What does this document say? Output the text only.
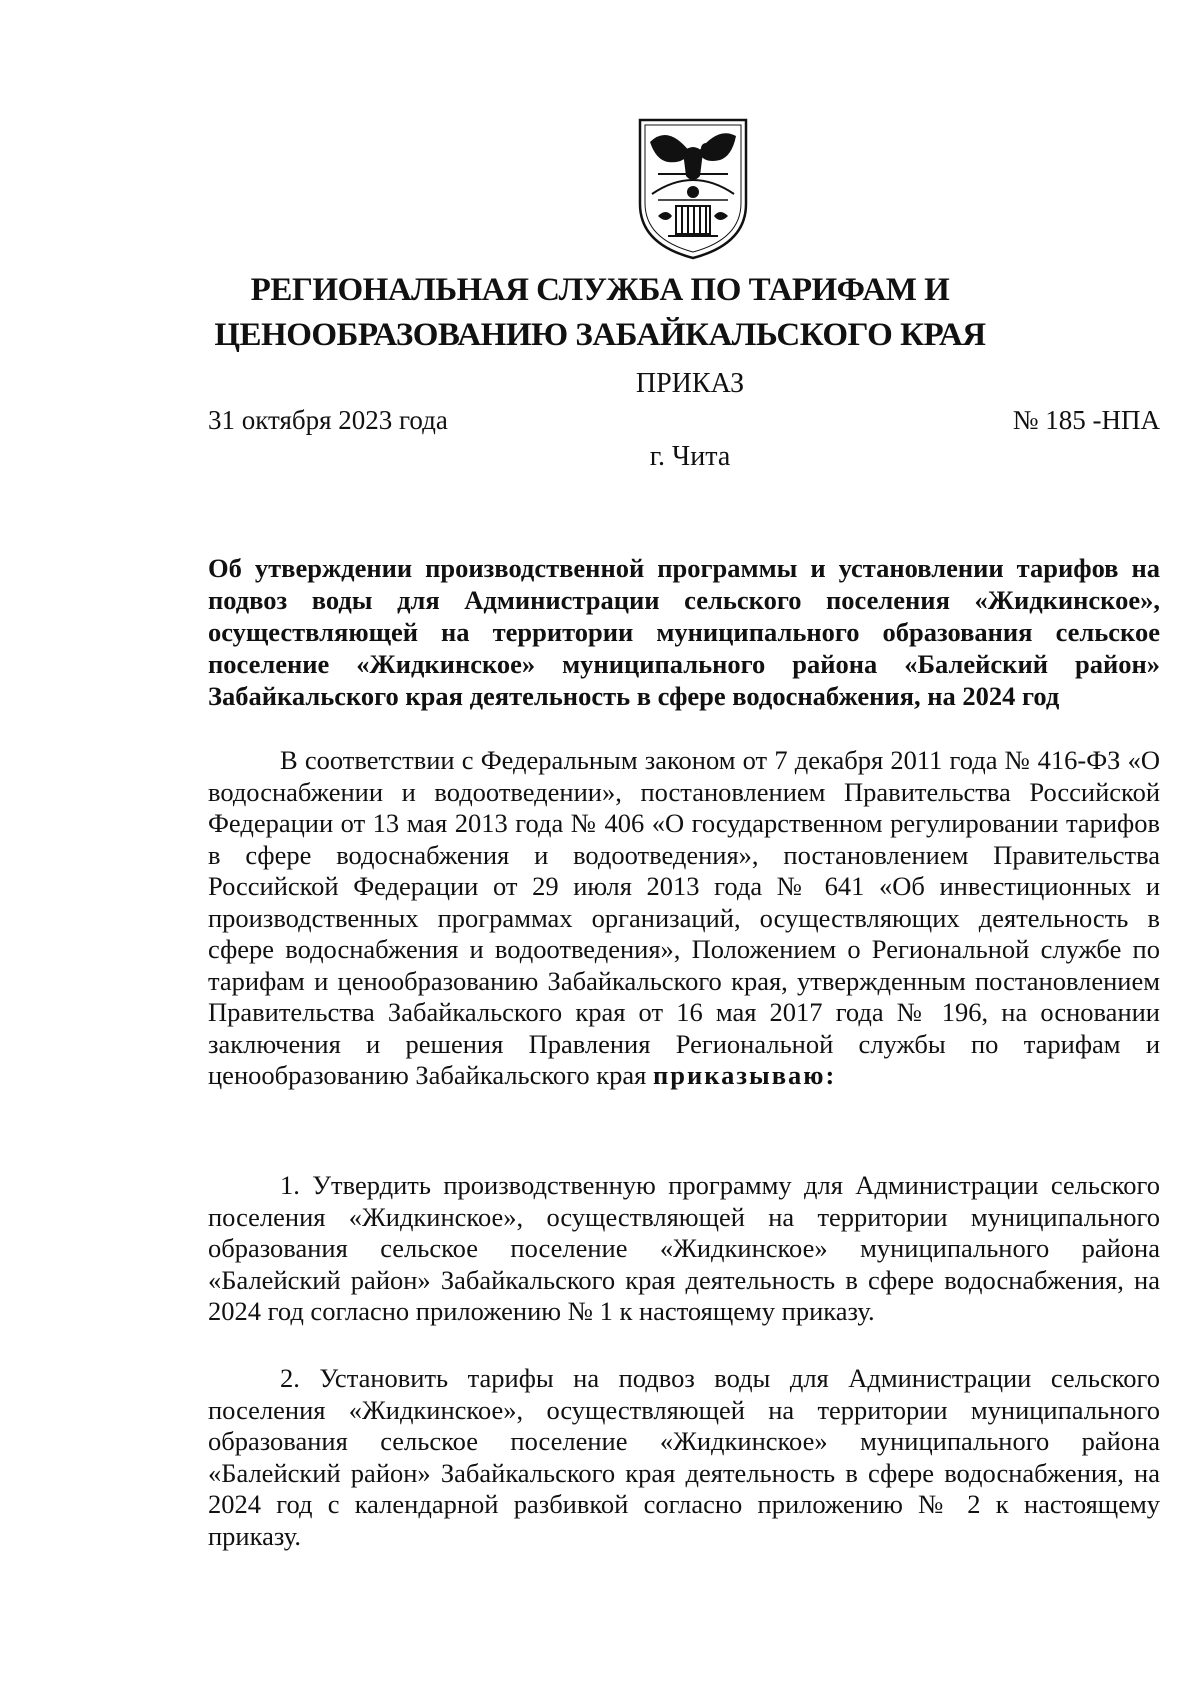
РЕГИОНАЛЬНАЯ СЛУЖБА ПО ТАРИФАМ И
ЦЕНООБРАЗОВАНИЮ ЗАБАЙКАЛЬСКОГО КРАЯ
ПРИКАЗ
31 октября 2023 года	№ 185 -НПА
г. Чита
Об утверждении производственной программы и установлении тарифов на подвоз воды для Администрации сельского поселения «Жидкинское», осуществляющей на территории муниципального образования сельское поселение «Жидкинское» муниципального района «Балейский район» Забайкальского края деятельность в сфере водоснабжения, на 2024 год
В соответствии с Федеральным законом от 7 декабря 2011 года № 416-ФЗ «О водоснабжении и водоотведении», постановлением Правительства Российской Федерации от 13 мая 2013 года № 406 «О государственном регулировании тарифов в сфере водоснабжения и водоотведения», постановлением Правительства Российской Федерации от 29 июля 2013 года № 641 «Об инвестиционных и производственных программах организаций, осуществляющих деятельность в сфере водоснабжения и водоотведения», Положением о Региональной службе по тарифам и ценообразованию Забайкальского края, утвержденным постановлением Правительства Забайкальского края от 16 мая 2017 года № 196, на основании заключения и решения Правления Региональной службы по тарифам и ценообразованию Забайкальского края приказываю:
1. Утвердить производственную программу для Администрации сельского поселения «Жидкинское», осуществляющей на территории муниципального образования сельское поселение «Жидкинское» муниципального района «Балейский район» Забайкальского края деятельность в сфере водоснабжения, на 2024 год согласно приложению № 1 к настоящему приказу.
2. Установить тарифы на подвоз воды для Администрации сельского поселения «Жидкинское», осуществляющей на территории муниципального образования сельское поселение «Жидкинское» муниципального района «Балейский район» Забайкальского края деятельность в сфере водоснабжения, на 2024 год с календарной разбивкой согласно приложению № 2 к настоящему приказу.
